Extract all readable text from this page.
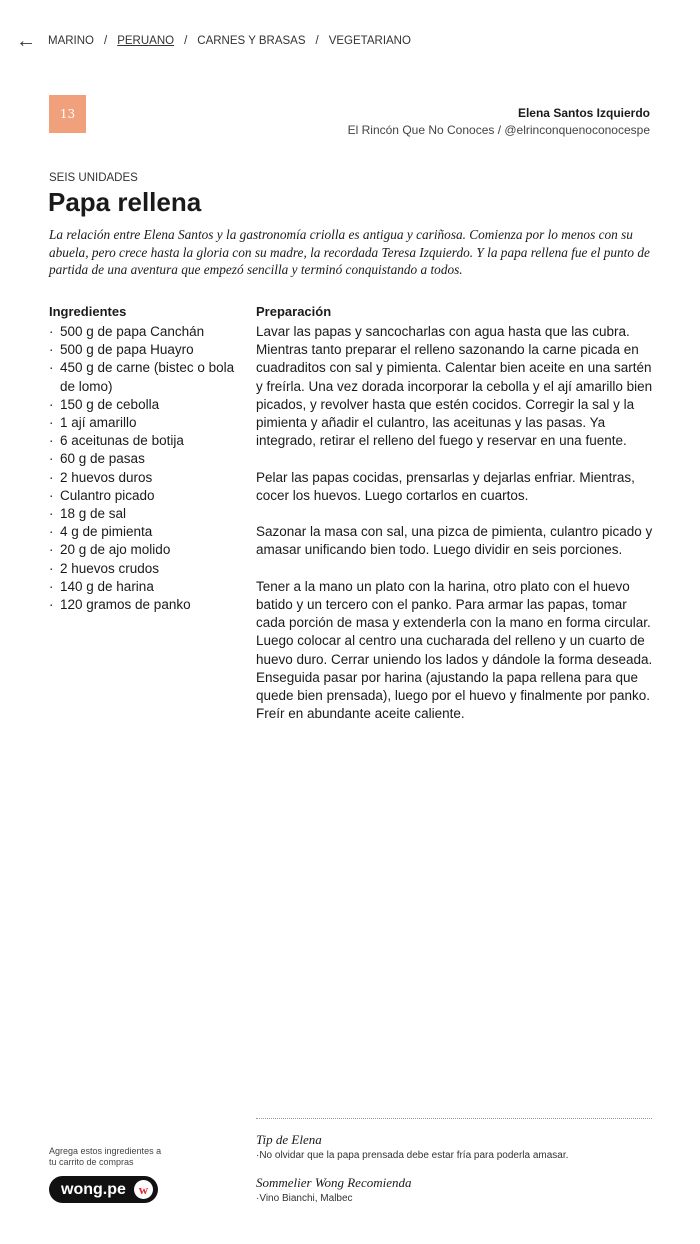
←	MARINO / PERUANO / CARNES Y BRASAS / VEGETARIANO
13	Elena Santos Izquierdo
El Rincón Que No Conoces / @elrinconquenoconocespe
SEIS UNIDADES
Papa rellena

La relación entre Elena Santos y la gastronomía criolla es antigua y cariñosa. Comienza por lo menos con su abuela, pero crece hasta la gloria con su madre, la recordada Teresa Izquierdo. Y la papa rellena fue el punto de partida de una aventura que empezó sencilla y terminó conquistando a todos.

Ingredientes
· 500 g de papa Canchán
· 500 g de papa Huayro
· 450 g de carne (bistec o bola de lomo)
· 150 g de cebolla
· 1 ají amarillo
· 6 aceitunas de botija
· 60 g de pasas
· 2 huevos duros
· Culantro picado
· 18 g de sal
· 4 g de pimienta
· 20 g de ajo molido
· 2 huevos crudos
· 140 g de harina
· 120 gramos de panko
Preparación

Lavar las papas y sancocharlas con agua hasta que las cubra. Mientras tanto preparar el relleno sazonando la carne picada en cuadraditos con sal y pimienta. Calentar bien aceite en una sartén y freírla. Una vez dorada incorporar la cebolla y el ají amarillo bien picados, y revolver hasta que estén cocidos. Corregir la sal y la pimienta y añadir el culantro, las aceitunas y las pasas. Ya integrado, retirar el relleno del fuego y reservar en una fuente.

Pelar las papas cocidas, prensarlas y dejarlas enfriar. Mientras, cocer los huevos. Luego cortarlos en cuartos.

Sazonar la masa con sal, una pizca de pimienta, culantro picado y amasar unificando bien todo. Luego dividir en seis porciones.

Tener a la mano un plato con la harina, otro plato con el huevo batido y un tercero con el panko. Para armar las papas, tomar cada porción de masa y extenderla con la mano en forma circular. Luego colocar al centro una cucharada del relleno y un cuarto de huevo duro. Cerrar uniendo los lados y dándole la forma deseada. Enseguida pasar por harina (ajustando la papa rellena para que quede bien prensada), luego por el huevo y finalmente por panko. Freír en abundante aceite caliente.

Agrega estos ingredientes a tu carrito de compras
wong.pe w
Tip de Elena
·No olvidar que la papa prensada debe estar fría para poderla amasar.
Sommelier Wong Recomienda
·Vino Bianchi, Malbec
